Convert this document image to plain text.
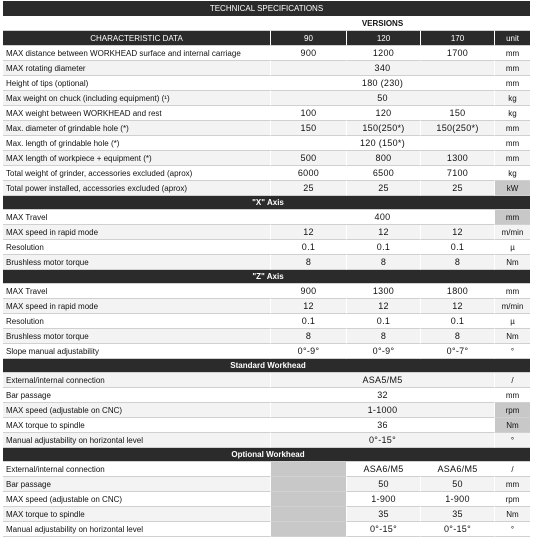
TECHNICAL SPECIFICATIONS
	VERSIONS			
CHARACTERISTIC DATA	90	120	170	unit
MAX distance between WORKHEAD surface and internal carriage	900	1200	1700	mm
MAX rotating diameter	340			mm
Height of tips (optional)	180 (230)			mm
Max weight on chuck (including equipment) (¹)	50			kg
MAX weight between WORKHEAD and rest	100	120	150	kg
Max. diameter of grindable hole (*)	150	150(250*)	150(250*)	mm
Max. length of grindable hole (*)	120 (150*)			mm
MAX length of workpiece + equipment (*)	500	800	1300	mm
Total weight of grinder, accessories excluded (aprox)	6000	6500	7100	kg
Total power installed, accessories excluded (aprox)	25	25	25	kW
"X" Axis				
MAX Travel	400			mm
MAX speed in rapid mode	12	12	12	m/min
Resolution	0.1	0.1	0.1	µ
Brushless motor torque	8	8	8	Nm
"Z" Axis				
MAX Travel	900	1300	1800	mm
MAX speed in rapid mode	12	12	12	m/min
Resolution	0.1	0.1	0.1	µ
Brushless motor torque	8	8	8	Nm
Slope manual adjustability	0°-9°	0°-9°	0°-7°	°
Standard Workhead				
External/internal connection	ASA5/M5			/
Bar passage	32			mm
MAX speed (adjustable on CNC)	1-1000			rpm
MAX torque to spindle	36			Nm
Manual adjustability on horizontal level	0°-15°			°
Optional Workhead				
External/internal connection		ASA6/M5	ASA6/M5	/
Bar passage		50	50	mm
MAX speed (adjustable on CNC)		1-900	1-900	rpm
MAX torque to spindle		35	35	Nm
Manual adjustability on horizontal level		0°-15°	0°-15°	°
